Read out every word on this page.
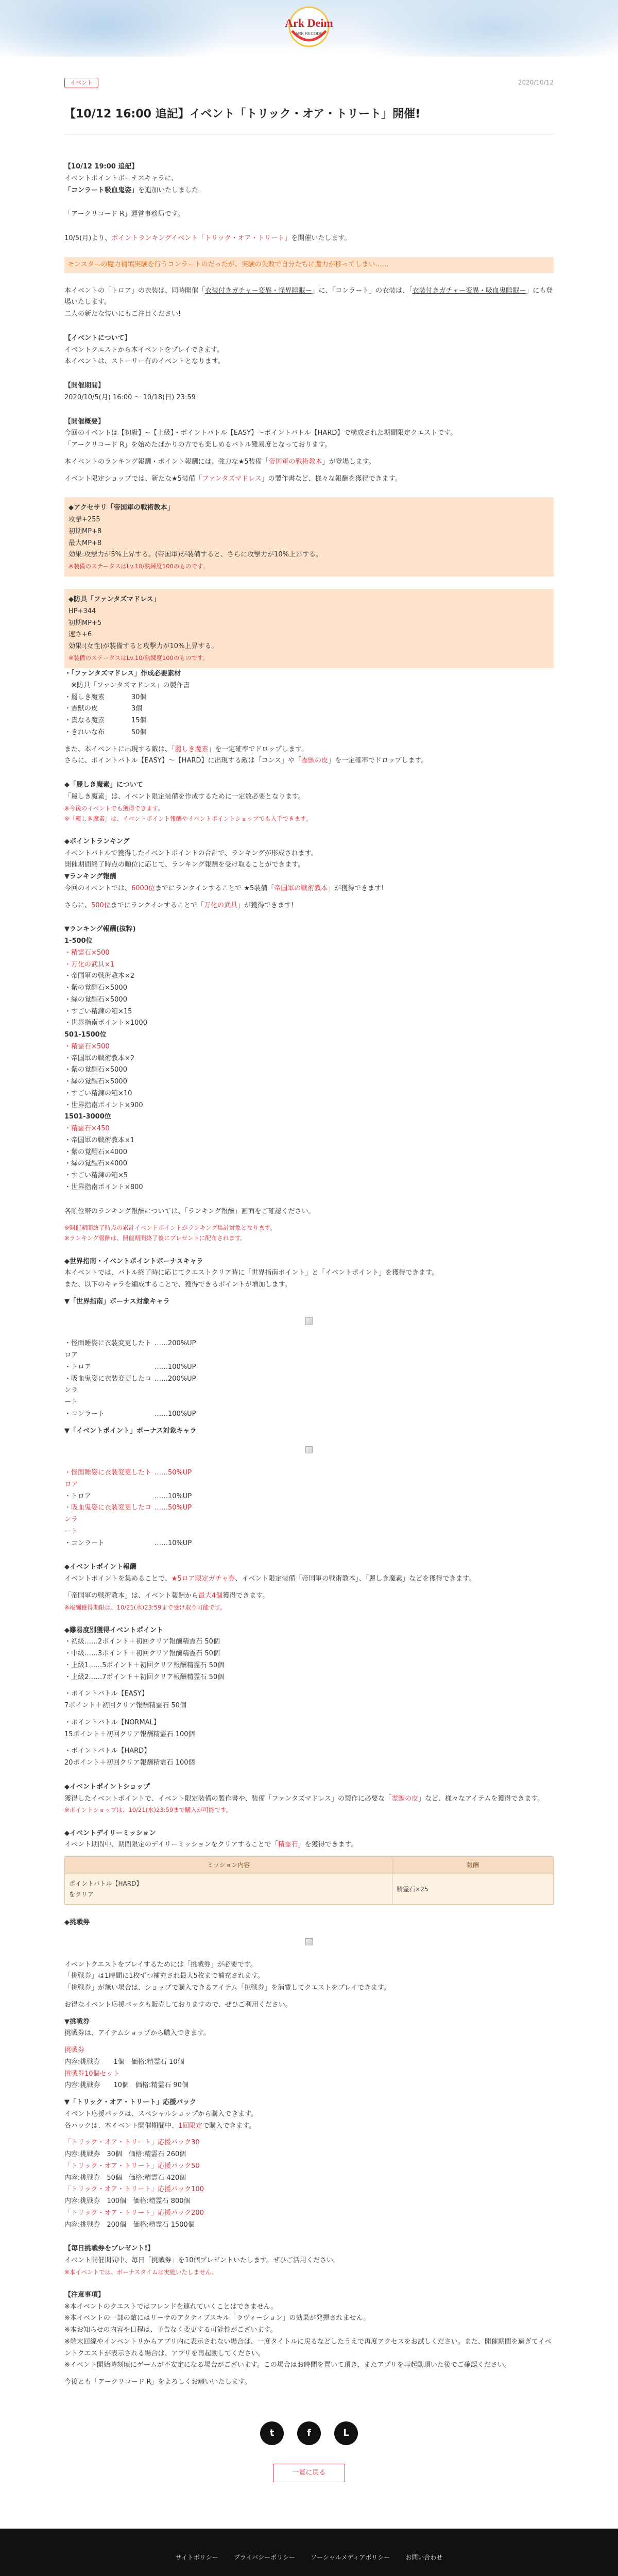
Ark Deim
ARK RECODE
イベント	2020/10/12
【10/12 16:00 追記】イベント「トリック・オア・トリート」開催!
【10/12 19:00 追記】
イベントポイントボーナスキャラに、
「コンラート吸血鬼姿」を追加いたしました。
「アークリコード R」運営事務局です。
10/5(月)より、ポイントランキングイベント「トリック・オア・トリート」を開催いたします。
モンスターの魔力補填実験を行うコンラートのだったが、実験の失敗で自分たちに魔力が移ってしまい……
本イベントの「トロア」の衣装は、同時開催「衣装付きガチャー変異・怪界睡眠ー」に、「コンラート」の衣装は、「衣装付きガチャー変異・吸血鬼睡眠ー」にも登場いたします。
二人の新たな装いにもご注目ください!
【イベントについて】
イベントクエストから本イベントをプレイできます。
本イベントは、ストーリー有のイベントとなります。
【開催期間】
2020/10/5(月) 16:00 〜 10/18(日) 23:59
【開催概要】
今回のイベントは【初級】~【上級】・ポイントバトル【EASY】〜ポイントバトル【HARD】で構成された期間限定クエストです。
「アークリコード R」を始めたばかりの方でも楽しめるバトル難易度となっております。
本イベントのランキング報酬・ポイント報酬には、強力な★5装備「帝国軍の戦術教本」が登場します。
イベント限定ショップでは、新たな★5装備「ファンタズマドレス」の製作書など、様々な報酬を獲得できます。
◆アクセサリ「帝国軍の戦術教本」
攻撃+255
初期MP+8
最大MP+8
効果:攻撃力が5%上昇する。(帝国軍)が装備すると、さらに攻撃力が10%上昇する。
※装備のステータスはLv.10/熟練度100のものです。
◆防具「ファンタズマドレス」
HP+344
初期MP+5
速さ+6
効果:(女性)が装備すると攻撃力が10%上昇する。
※装備のステータスはLv.10/熟練度100のものです。
・「ファンタズマドレス」作成必要素材
　※防具「ファンタズマドレス」の製作書
・麗しき魔素　　　　30個
・霊獣の皮　　　　　3個
・貴なる魔素　　　　15個
・きれいな布　　　　50個
また、本イベントに出現する敵は、「麗しき魔素」を一定確率でドロップします。
さらに、ポイントバトル【EASY】〜【HARD】に出現する敵は「コンス」や「霊獣の皮」を一定確率でドロップします。
◆「麗しき魔素」について
「麗しき魔素」は、イベント限定装備を作成するために一定数必要となります。
※今後のイベントでも獲得できます。
※「麗しき魔素」は、イベントポイント報酬やイベントポイントショップでも入手できます。
◆ポイントランキング
イベントバトルで獲得したイベントポイントの合計で、ランキングが形成されます。
開催期間終了時点の順位に応じて、ランキング報酬を受け取ることができます。
▼ランキング報酬
今回のイベントでは、6000位までにランクインすることで ★5装備「帝国軍の戦術教本」が獲得できます!
さらに、500位までにランクインすることで「万化の武具」が獲得できます!
▼ランキング報酬(抜粋)
1-500位
・精霊石×500
・万化の武具×1
・帝国軍の戦術教本×2
・紫の覚醒石×5000
・緑の覚醒石×5000
・すごい精錬の箱×15
・世界指南ポイント×1000
501-1500位
・精霊石×500
・帝国軍の戦術教本×2
・紫の覚醒石×5000
・緑の覚醒石×5000
・すごい精錬の箱×10
・世界指南ポイント×900
1501-3000位
・精霊石×450
・帝国軍の戦術教本×1
・紫の覚醒石×4000
・緑の覚醒石×4000
・すごい精錬の箱×5
・世界指南ポイント×800
各順位帯のランキング報酬については、「ランキング報酬」画面をご確認ください。
※開催期間終了時点の累計イベントポイントがランキング集計対象となります。
※ランキング報酬は、開催期間終了後にプレゼントに配布されます。
◆世界指南・イベントポイントボーナスキャラ
本イベントでは、バトル終了時に応じてクエストクリア時に「世界指南ポイント」と「イベントポイント」を獲得できます。
また、以下のキャラを編成することで、獲得できるポイントが増加します。
▼「世界指南」ボーナス対象キャラ
・怪面睡姿に衣装変更したトロア
……200%UP
・トロア	……100%UP
・吸血鬼姿に衣装変更したコンラ
……200%UP
ート
・コンラート	……100%UP
▼「イベントポイント」ボーナス対象キャラ
・怪面睡姿に衣装変更したトロア
……50%UP
・トロア	……10%UP
・吸血鬼姿に衣装変更したコンラ
……50%UP
ート
・コンラート	……10%UP
◆イベントポイント報酬
イベントポイントを集めることで、★5ロア限定ガチャ券、イベント限定装備「帝国軍の戦術教本」、「麗しき魔素」などを獲得できます。
「帝国軍の戦術教本」は、イベント報酬から最大4個獲得できます。
※報酬獲得期限は、10/21(水)23:59まで受け取り可能です。
◆難易度別獲得イベントポイント
・初級……2ポイント＋初回クリア報酬精霊石 50個
・中級……3ポイント＋初回クリア報酬精霊石 50個
・上級1……5ポイント＋初回クリア報酬精霊石 50個
・上級2……7ポイント＋初回クリア報酬精霊石 50個
・ポイントバトル【EASY】
7ポイント＋初回クリア報酬精霊石 50個
・ポイントバトル【NORMAL】
15ポイント＋初回クリア報酬精霊石 100個
・ポイントバトル【HARD】
20ポイント＋初回クリア報酬精霊石 100個
◆イベントポイントショップ
獲得したイベントポイントで、イベント限定装備の製作書や、装備「ファンタズマドレス」の製作に必要な「霊獣の皮」など、様々なアイテムを獲得できます。
※ポイントショップは、10/21(水)23:59まで購入が可能です。
◆イベントデイリーミッション
イベント期間中、期間限定のデイリーミッションをクリアすることで「精霊石」を獲得できます。
ミッション内容	報酬
ポイントバトル【HARD】
をクリア	精霊石×25
◆挑戦券
イベントクエストをプレイするためには「挑戦券」が必要です。
「挑戦券」は1時間に1枚ずつ補充され最大5枚まで補充されます。
「挑戦券」が無い場合は、ショップで購入できるアイテム「挑戦券」を消費してクエストをプレイできます。
お得なイベント応援パックも販売しておりますので、ぜひご利用ください。
▼挑戦券
挑戦券は、アイテムショップから購入できます。
挑戦券
内容:挑戦券　　1個　価格:精霊石 10個
挑戦券10個セット
内容:挑戦券　　10個　価格:精霊石 90個
▼「トリック・オア・トリート」応援パック
イベント応援パックは、スペシャルショップから購入できます。
各パックは、本イベント開催期間中、1回限定で購入できます。
「トリック・オア・トリート」応援パック30
内容:挑戦券　30個　価格:精霊石 260個
「トリック・オア・トリート」応援パック50
内容:挑戦券　50個　価格:精霊石 420個
「トリック・オア・トリート」応援パック100
内容:挑戦券　100個　価格:精霊石 800個
「トリック・オア・トリート」応援パック200
内容:挑戦券　200個　価格:精霊石 1500個
【毎日挑戦券をプレゼント!】
イベント開催期間中、毎日「挑戦券」を10個プレゼントいたします。ぜひご活用ください。
※本イベントでは、ボーナスタイムは実施いたしません。
【注意事項】
※本イベントのクエストではフレンドを連れていくことはできません。
※本イベントの一部の敵にはリーサのアクティブスキル「ラヴィーション」の効果が発揮されません。
※本お知らせの内容や日程は、予告なく変更する可能性がございます。
※端末回線やインベントリからアプリ内に表示されない場合は、一度タイトルに戻るなどしたうえで再度アクセスをお試しください。また、開催期間を過ぎてイベントクエストが表示される場合は、アプリを再起動してください。
※イベント開始時刻頃にゲームが不安定になる場合がございます。この場合はお時間を置いて頂き、またアプリを再起動頂いた後でご確認ください。
今後とも「アークリコード R」をよろしくお願いいたします。
t	f	L
一覧に戻る
サイトポリシー	プライバシーポリシー	ソーシャルメディアポリシー	お問い合わせ
